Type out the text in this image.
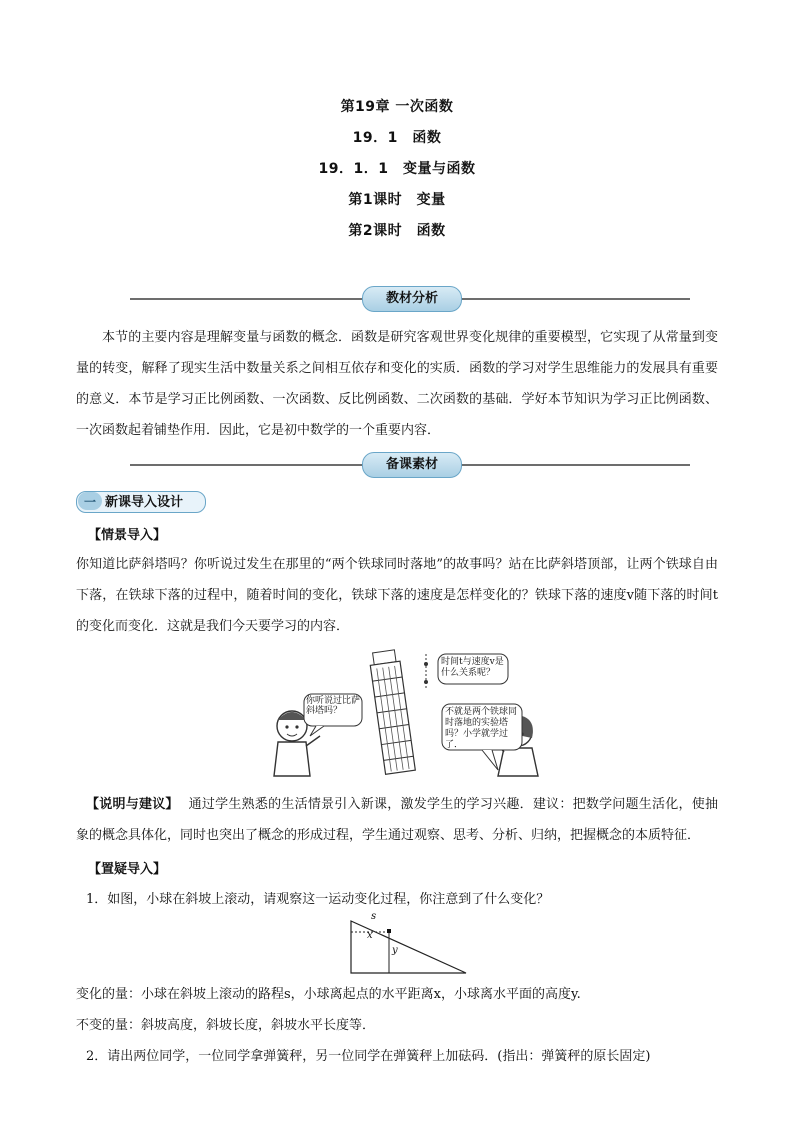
第19章 一次函数
19．1　函数
19．1．1　变量与函数
第1课时　变量
第2课时　函数
教材分析
本节的主要内容是理解变量与函数的概念．函数是研究客观世界变化规律的重要模型，它实现了从常量到变量的转变，解释了现实生活中数量关系之间相互依存和变化的实质．函数的学习对学生思维能力的发展具有重要的意义．本节是学习正比例函数、一次函数、反比例函数、二次函数的基础．学好本节知识为学习正比例函数、一次函数起着铺垫作用．因此，它是初中数学的一个重要内容．
备课素材
一 新课导入设计
【情景导入】
你知道比萨斜塔吗？你听说过发生在那里的“两个铁球同时落地”的故事吗？站在比萨斜塔顶部，让两个铁球自由下落，在铁球下落的过程中，随着时间的变化，铁球下落的速度是怎样变化的？铁球下落的速度v随下落的时间t的变化而变化．这就是我们今天要学习的内容．
你听说过比萨斜塔吗？
时间t与速度v是什么关系呢？
不就是两个铁球同时落地的实验塔吗？小学就学过了．
【说明与建议】 通过学生熟悉的生活情景引入新课，激发学生的学习兴趣．建议：把数学问题生活化，使抽象的概念具体化，同时也突出了概念的形成过程，学生通过观察、思考、分析、归纳，把握概念的本质特征．
【置疑导入】
1．如图，小球在斜坡上滚动，请观察这一运动变化过程，你注意到了什么变化？
s
x
y
变化的量：小球在斜坡上滚动的路程s，小球离起点的水平距离x，小球离水平面的高度y.
不变的量：斜坡高度，斜坡长度，斜坡水平长度等．
2．请出两位同学，一位同学拿弹簧秤，另一位同学在弹簧秤上加砝码．(指出：弹簧秤的原长固定)
